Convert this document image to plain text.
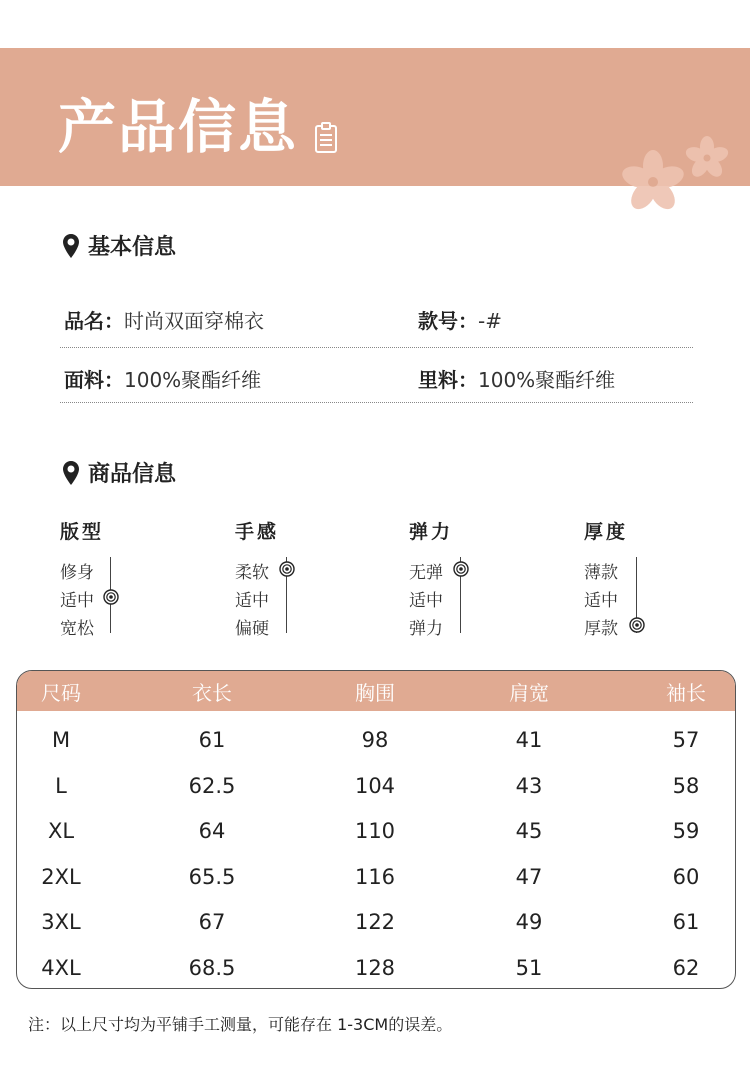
产品信息
基本信息
品名：时尚双面穿棉衣	款号：-#
面料：100%聚酯纤维	里料：100%聚酯纤维
商品信息
版型
修身
适中
宽松
手感
柔软
适中
偏硬
弹力
无弹
适中
弹力
厚度
薄款
适中
厚款
尺码	衣长	胸围	肩宽	袖长
M	61	98	41	57
L	62.5	104	43	58
XL	64	110	45	59
2XL	65.5	116	47	60
3XL	67	122	49	61
4XL	68.5	128	51	62
注：以上尺寸均为平铺手工测量，可能存在 1-3CM的误差。
